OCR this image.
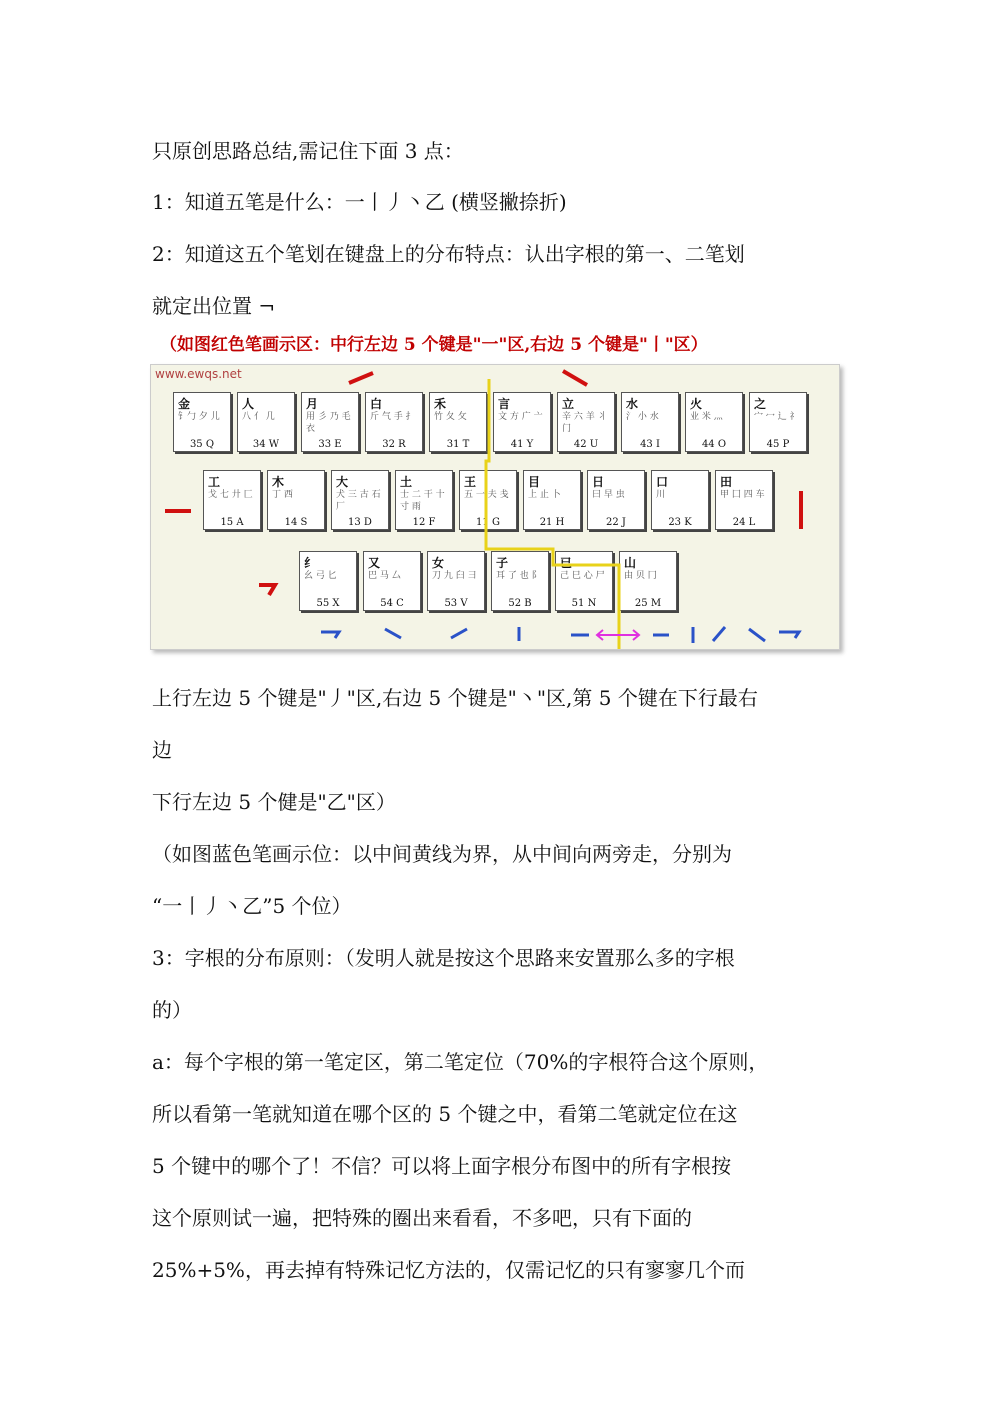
只原创思路总结,需记住下面 3 点：
1：知道五笔是什么：一丨丿丶乙 (横竖撇捺折)
2：知道这五个笔划在键盘上的分布特点：认出字根的第一、二笔划
就定出位置 ¬
（如图红色笔画示区：中行左边 5 个键是"一"区,右边 5 个键是"丨"区）
www.ewqs.net
金
钅勹 夕 儿
35 Q
人
八 亻 几
34 W
月
用 彡 乃 毛 衣
33 E
白
斤 气 手 扌
32 R
禾
竹 夂 攵
31 T
言
文 方 广 亠
41 Y
立
辛 六 羊 丬 门
42 U
水
氵 小 水
43 I
火
业 米 灬
44 O
之
宀 冖 辶 礻
45 P
工
戈 七 廾 匚
15 A
木
丁 西
14 S
大
犬 三 古 石 厂
13 D
土
士 二 干 十 寸 雨
12 F
王
五 一 夫 戋
11 G
目
上 止 卜
21 H
日
曰 早 虫
22 J
口
川
23 K
田
甲 囗 四 车
24 L
纟
幺 弓 匕
55 X
又
巴 马 厶
54 C
女
刀 九 臼 彐
53 V
子
耳 了 也 阝
52 B
已
己 巳 心 尸
51 N
山
由 贝 冂
25 M
上行左边 5 个键是"丿"区,右边 5 个键是"丶"区,第 5 个键在下行最右
边
下行左边 5 个健是"乙"区）
（如图蓝色笔画示位：以中间黄线为界，从中间向两旁走，分别为
“一丨丿丶乙”5 个位）
3：字根的分布原则：（发明人就是按这个思路来安置那么多的字根
的）
a：每个字根的第一笔定区，第二笔定位（70%的字根符合这个原则，
所以看第一笔就知道在哪个区的 5 个键之中，看第二笔就定位在这
5 个键中的哪个了！不信？可以将上面字根分布图中的所有字根按
这个原则试一遍，把特殊的圈出来看看，不多吧，只有下面的
25%+5%，再去掉有特殊记忆方法的，仅需记忆的只有寥寥几个而
